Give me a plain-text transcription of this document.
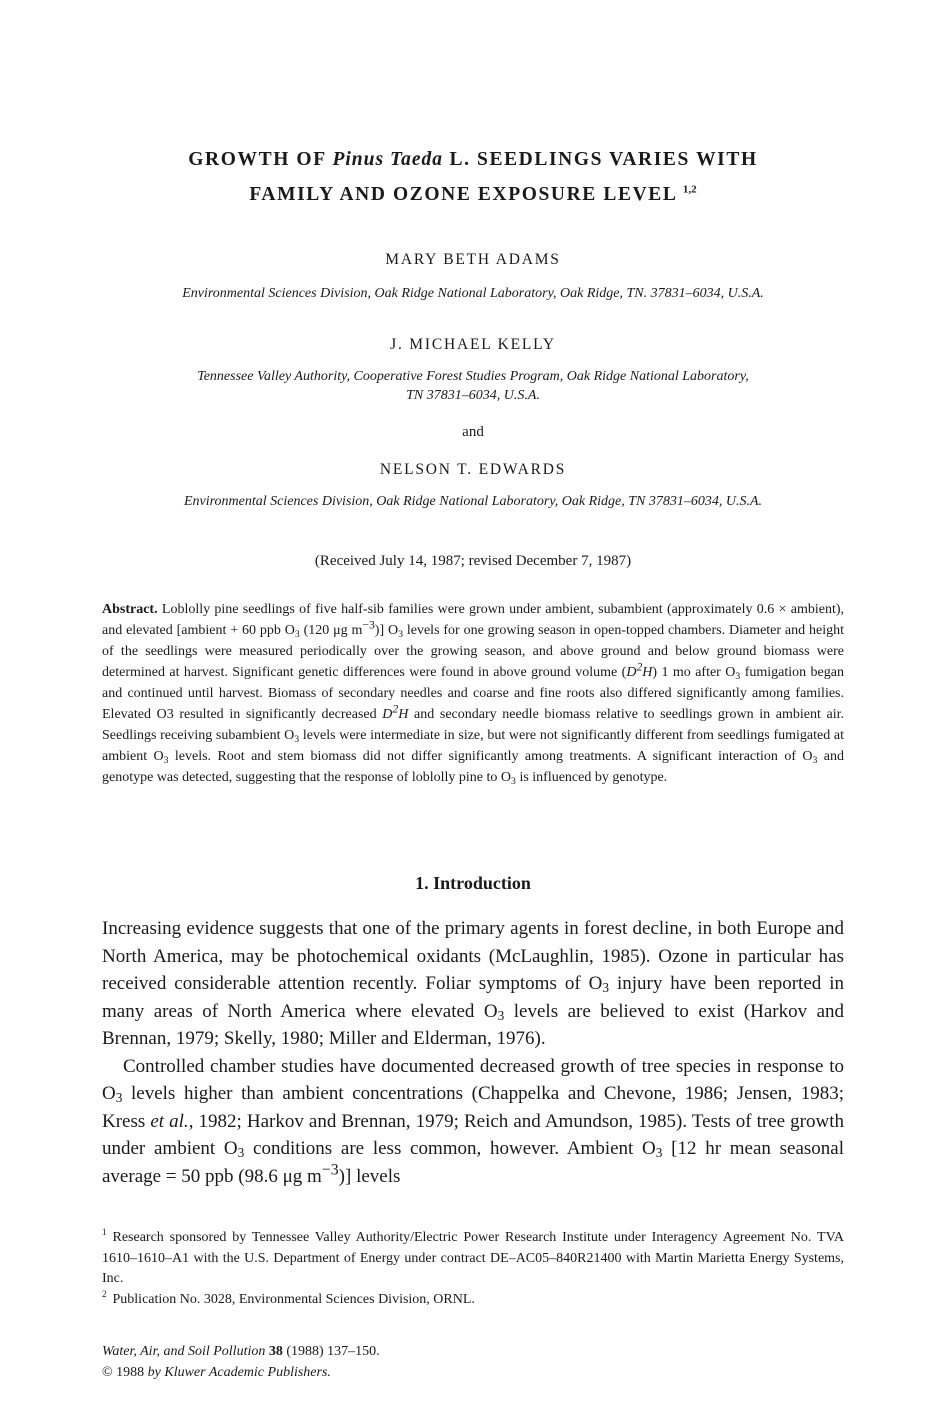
GROWTH OF Pinus Taeda L. SEEDLINGS VARIES WITH
FAMILY AND OZONE EXPOSURE LEVEL $^{1,2}$
MARY BETH ADAMS
Environmental Sciences Division, Oak Ridge National Laboratory, Oak Ridge, TN. 37831–6034, U.S.A.
J. MICHAEL KELLY
Tennessee Valley Authority, Cooperative Forest Studies Program, Oak Ridge National Laboratory,
TN 37831–6034, U.S.A.
and
NELSON T. EDWARDS
Environmental Sciences Division, Oak Ridge National Laboratory, Oak Ridge, TN 37831–6034, U.S.A.
(Received July 14, 1987; revised December 7, 1987)
Abstract. Loblolly pine seedlings of five half-sib families were grown under ambient, subambient (approximately 0.6 × ambient), and elevated [ambient + 60 ppb $O_3$ (120 μg $m^{-3}$)] $O_3$ levels for one growing season in open-topped chambers. Diameter and height of the seedlings were measured periodically over the growing season, and above ground and below ground biomass were determined at harvest. Significant genetic differences were found in above ground volume $(D^2H)$ 1 mo after $O_3$ fumigation began and continued until harvest. Biomass of secondary needles and coarse and fine roots also differed significantly among families. Elevated O3 resulted in significantly decreased $D^2H$ and secondary needle biomass relative to seedlings grown in ambient air. Seedlings receiving subambient $O_3$ levels were intermediate in size, but were not significantly different from seedlings fumigated at ambient $O_3$ levels. Root and stem biomass did not differ significantly among treatments. A significant interaction of $O_3$ and genotype was detected, suggesting that the response of loblolly pine to $O_3$ is influenced by genotype.
1. Introduction

Increasing evidence suggests that one of the primary agents in forest decline, in both Europe and North America, may be photochemical oxidants (McLaughlin, 1985). Ozone in particular has received considerable attention recently. Foliar symptoms of $O_3$ injury have been reported in many areas of North America where elevated $O_3$ levels are believed to exist (Harkov and Brennan, 1979; Skelly, 1980; Miller and Elderman, 1976).

Controlled chamber studies have documented decreased growth of tree species in response to $O_3$ levels higher than ambient concentrations (Chappelka and Chevone, 1986; Jensen, 1983; Kress et al., 1982; Harkov and Brennan, 1979; Reich and Amundson, 1985). Tests of tree growth under ambient $O_3$ conditions are less common, however. Ambient $O_3$ [12 hr mean seasonal average = 50 ppb (98.6 μg $m^{-3}$)] levels

$^1$ Research sponsored by Tennessee Valley Authority/Electric Power Research Institute under Interagency Agreement No. TVA 1610–1610–A1 with the U.S. Department of Energy under contract DE–AC05–840R21400 with Martin Marietta Energy Systems, Inc.

$^2$ Publication No. 3028, Environmental Sciences Division, ORNL.

Water, Air, and Soil Pollution 38 (1988) 137–150.
© 1988 by Kluwer Academic Publishers.
